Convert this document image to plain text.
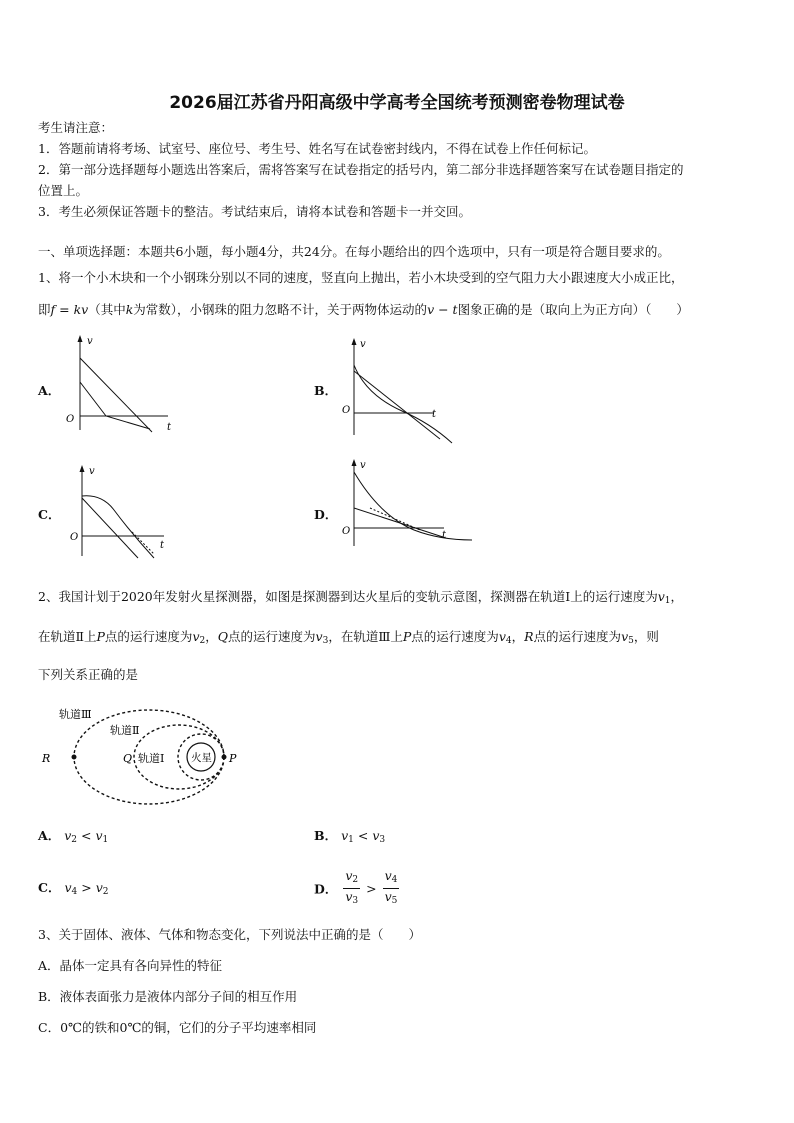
2026届江苏省丹阳高级中学高考全国统考预测密卷物理试卷
考生请注意：
1．答题前请将考场、试室号、座位号、考生号、姓名写在试卷密封线内，不得在试卷上作任何标记。
2．第一部分选择题每小题选出答案后，需将答案写在试卷指定的括号内，第二部分非选择题答案写在试卷题目指定的
位置上。
3．考生必须保证答题卡的整洁。考试结束后，请将本试卷和答题卡一并交回。
一、单项选择题：本题共6小题，每小题4分，共24分。在每小题给出的四个选项中，只有一项是符合题目要求的。
1、将一个小木块和一个小钢珠分别以不同的速度，竖直向上抛出，若小木块受到的空气阻力大小跟速度大小成正比，
即f = kv（其中k为常数），小钢珠的阻力忽略不计，关于两物体运动的v − t图象正确的是（取向上为正方向）（　　）
A．	B．
C．	D．
v
t
O
v
t
O
v
t
O
v
t
O
2、我国计划于2020年发射火星探测器，如图是探测器到达火星后的变轨示意图，探测器在轨道Ⅰ上的运行速度为$v_1$，
在轨道Ⅱ上P点的运行速度为$v_2$，Q点的运行速度为$v_3$，在轨道Ⅲ上P点的运行速度为$v_4$，R点的运行速度为$v_5$，则
下列关系正确的是
轨道Ⅲ
轨道Ⅱ
轨道Ⅰ	火星
R	Q	P
A． $v_2 < v_1$	B． $v_1 < v_3$
C． $v_4 > v_2$	D． $\frac{v_2}{v_3} > \frac{v_4}{v_5}$
3、关于固体、液体、气体和物态变化，下列说法中正确的是（　　）
A．晶体一定具有各向异性的特征
B．液体表面张力是液体内部分子间的相互作用
C．0℃的铁和0℃的铜，它们的分子平均速率相同
